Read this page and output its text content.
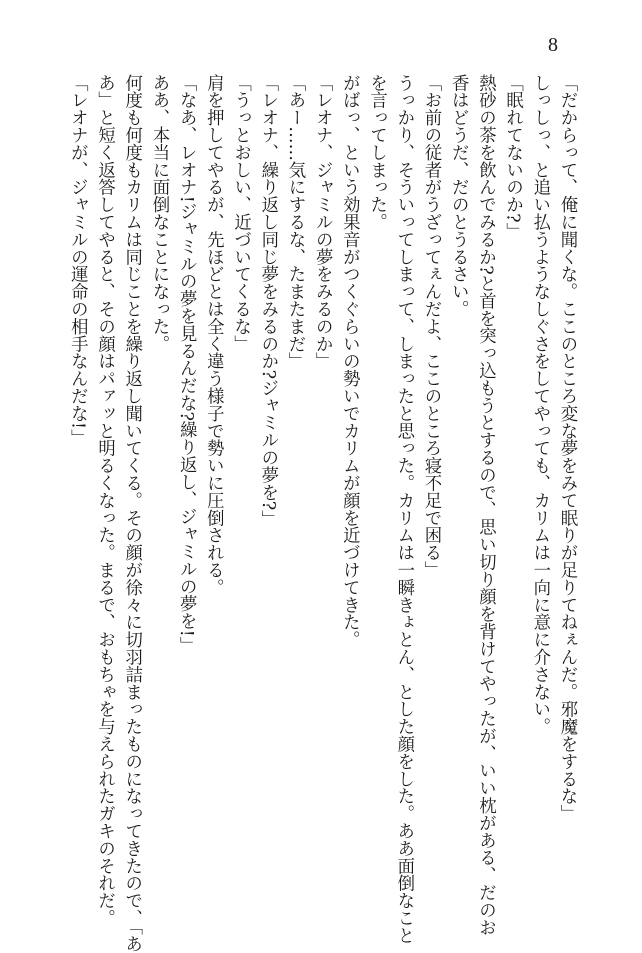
8
「だからって、俺に聞くな。ここのところ変な夢をみて眠りが足りてねぇんだ。邪魔をするな」
しっしっ、と追い払うようなしぐさをしてやっても、カリムは一向に意に介さない。
「眠れてないのか?」
熱砂の茶を飲んでみるか?と首を突っ込もうとするので、思い切り顔を背けてやったが、いい枕がある、だのお
香はどうだ、だのとうるさい。
「お前の従者がうざってぇんだよ、ここのところ寝不足で困る」
うっかり、そういってしまって、しまったと思った。カリムは一瞬きょとん、とした顔をした。ああ面倒なこと
を言ってしまった。
がばっ、という効果音がつくぐらいの勢いでカリムが顔を近づけてきた。
「レオナ、ジャミルの夢をみるのか」
「あー……気にするな、たまたまだ」
「レオナ、繰り返し同じ夢をみるのか?ジャミルの夢を?」
「うっとおしい、近づいてくるな」
肩を押してやるが、先ほどとは全く違う様子で勢いに圧倒される。
「なあ、レオナ!ジャミルの夢を見るんだな?繰り返し、ジャミルの夢を!」
ああ、本当に面倒なことになった。
何度も何度もカリムは同じことを繰り返し聞いてくる。その顔が徐々に切羽詰まったものになってきたので、「あ
あ」と短く返答してやると、その顔はパァッと明るくなった。まるで、おもちゃを与えられたガキのそれだ。
「レオナが、ジャミルの運命の相手なんだな!」
